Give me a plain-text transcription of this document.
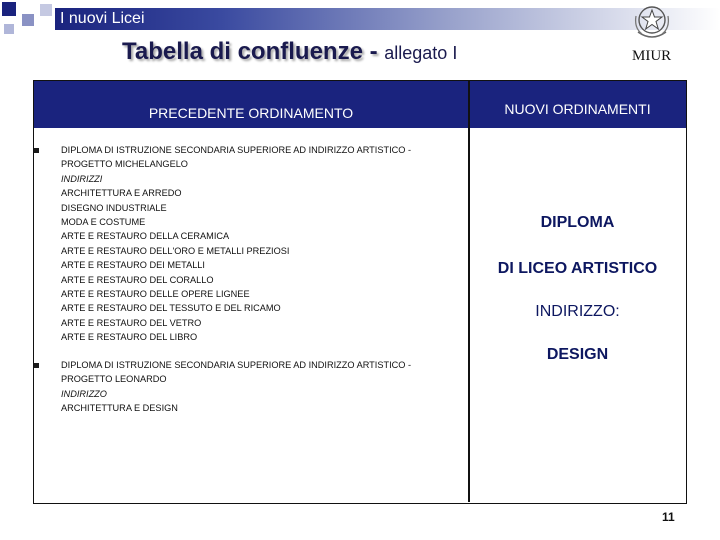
I nuovi Licei
Tabella di confluenze - allegato I	MIUR
PRECEDENTE ORDINAMENTO	NUOVI ORDINAMENTI
DIPLOMA DI ISTRUZIONE SECONDARIA SUPERIORE AD INDIRIZZO ARTISTICO -
PROGETTO MICHELANGELO
INDIRIZZI
ARCHITETTURA E ARREDO
DISEGNO INDUSTRIALE
MODA E COSTUME
ARTE E RESTAURO DELLA CERAMICA
ARTE E RESTAURO DELL'ORO E METALLI PREZIOSI
ARTE E RESTAURO DEI METALLI
ARTE E RESTAURO DEL CORALLO
ARTE E RESTAURO DELLE OPERE LIGNEE
ARTE E RESTAURO DEL TESSUTO E DEL RICAMO
ARTE E RESTAURO DEL VETRO
ARTE E RESTAURO DEL LIBRO
DIPLOMA DI ISTRUZIONE SECONDARIA SUPERIORE AD INDIRIZZO ARTISTICO -
PROGETTO LEONARDO
INDIRIZZO
ARCHITETTURA E DESIGN
DIPLOMA
DI LICEO ARTISTICO
INDIRIZZO:
DESIGN
11
